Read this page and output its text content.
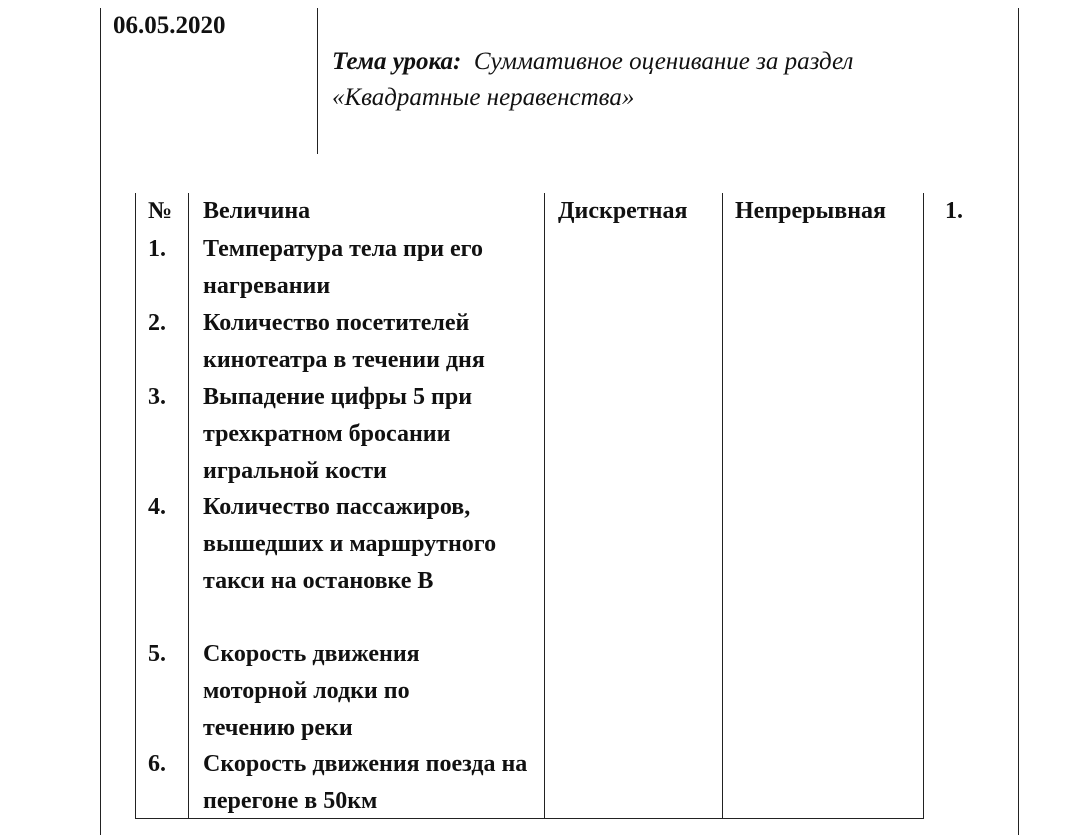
06.05.2020
Тема урока: Суммативное оценивание за раздел «Квадратные неравенства»
№ Величина	Дискретная Непрерывная
1. Температура тела при его нагревании
2. Количество посетителей кинотеатра в течении дня
3. Выпадение цифры 5 при трехкратном бросании игральной кости
4. Количество пассажиров, вышедших и маршрутного такси на остановке В
5. Скорость движения моторной лодки по течению реки
6. Скорость движения поезда на перегоне в 50км
1.
